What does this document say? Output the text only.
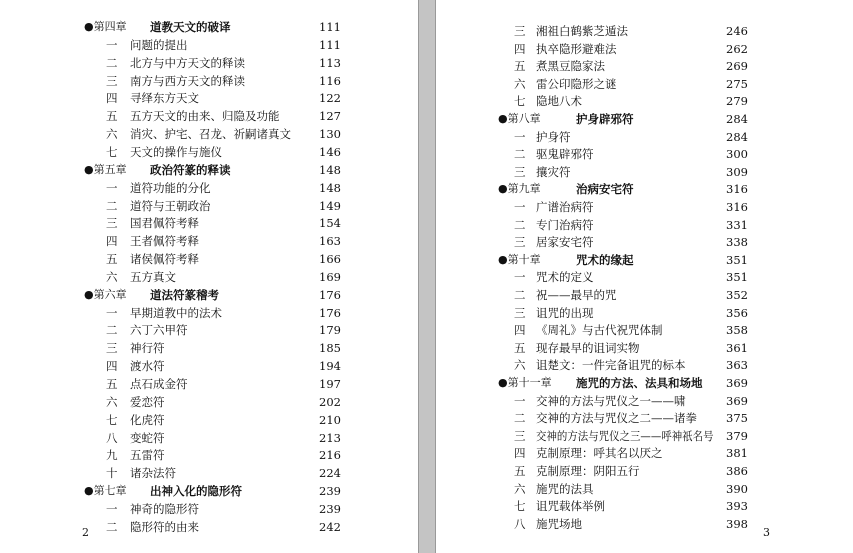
●第四章 道教天文的破译	111
一 问题的提出	111
二 北方与中方天文的释读	113
三 南方与西方天文的释读	116
四 寻绎东方天文	122
五 五方天文的由来、归隐及功能	127
六 消灾、护宅、召龙、祈嗣诸真文	130
七 天文的操作与施仪	146
●第五章 政治符篆的释读	148
一 道符功能的分化	148
二 道符与王朝政治	149
三 国君佩符考释	154
四 王者佩符考释	163
五 诸侯佩符考释	166
六 五方真文	169
●第六章 道法符篆稽考	176
一 早期道教中的法术	176
二 六丁六甲符	179
三 神行符	185
四 渡水符	194
五 点石成金符	197
六 爱恋符	202
七 化虎符	210
八 变蛇符	213
九 五雷符	216
十 诸杂法符	224
●第七章 出神入化的隐形符	239
一 神奇的隐形符	239
二 隐形符的由来	242
2
三 湘祖白鹤紫芝遁法	246
四 执卒隐形避难法	262
五 煮黑豆隐家法	269
六 雷公印隐形之谜	275
七 隐地八术	279
●第八章	护身辟邪符	284
一 护身符	284
二 驱鬼辟邪符	300
三 攘灾符	309
●第九章	治病安宅符	316
一 广谱治病符	316
二 专门治病符	331
三 居家安宅符	338
●第十章	咒术的缘起	351
一 咒术的定义	351
二 祝——最早的咒	352
三 诅咒的出现	356
四 《周礼》与古代祝咒体制	358
五 现存最早的诅词实物	361
六 诅楚文：一件完备诅咒的标本	363
●第十一章 施咒的方法、法具和场地	369
一 交神的方法与咒仪之一——啸	369
二 交神的方法与咒仪之二——诸拳	375
三 交神的方法与咒仪之三——呼神祇名号	379
四 克制原理：呼其名以厌之	381
五 克制原理：阴阳五行	386
六 施咒的法具	390
七 诅咒载体举例	393
八 施咒场地	398
3
